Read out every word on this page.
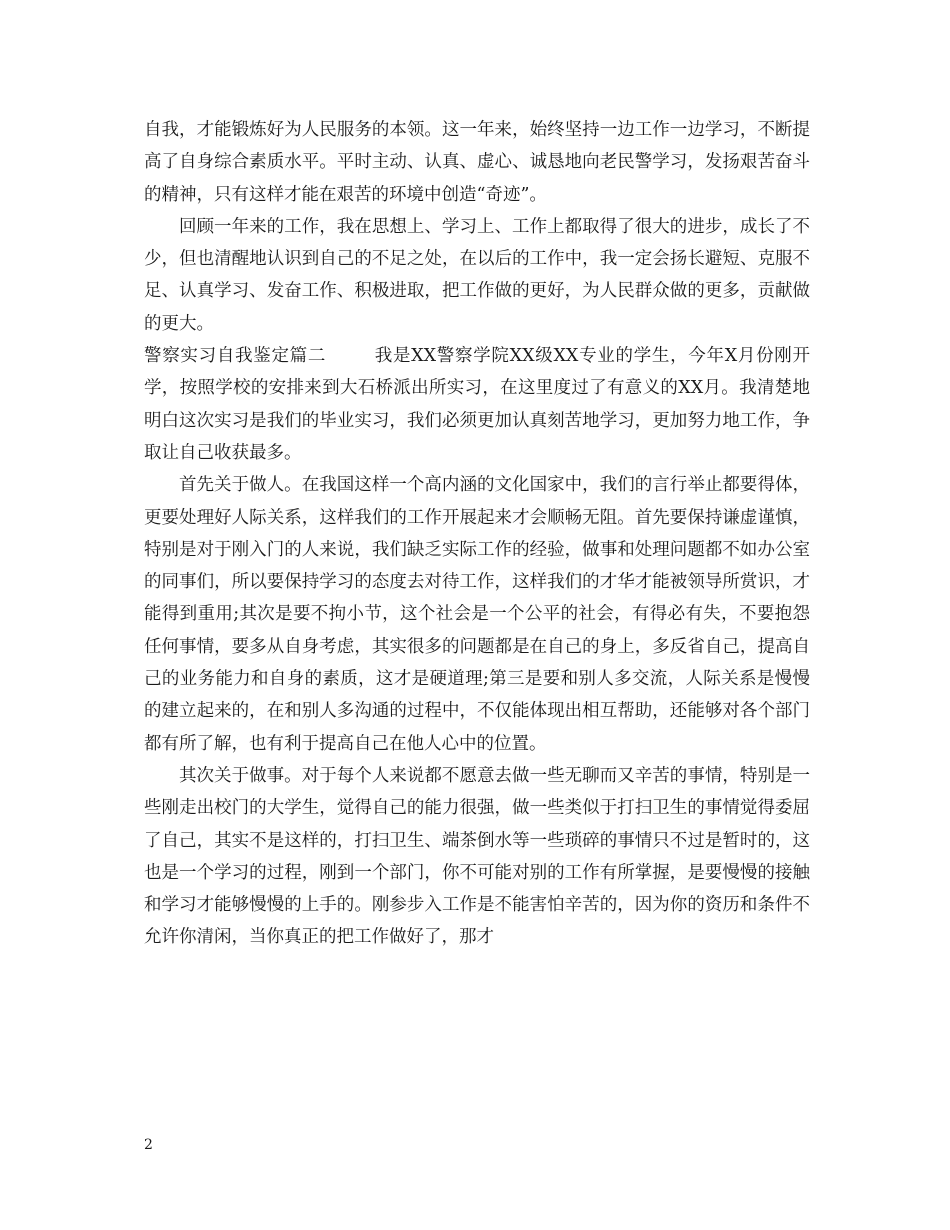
自我，才能锻炼好为人民服务的本领。这一年来，始终坚持一边工作一边学习，不断提高了自身综合素质水平。平时主动、认真、虚心、诚恳地向老民警学习，发扬艰苦奋斗的精神，只有这样才能在艰苦的环境中创造“奇迹”。

回顾一年来的工作，我在思想上、学习上、工作上都取得了很大的进步，成长了不少，但也清醒地认识到自己的不足之处，在以后的工作中，我一定会扬长避短、克服不足、认真学习、发奋工作、积极进取，把工作做的更好，为人民群众做的更多，贡献做的更大。

警察实习自我鉴定篇二	我是XX警察学院XX级XX专业的学生，今年X月份刚开学，按照学校的安排来到大石桥派出所实习，在这里度过了有意义的XX月。我清楚地明白这次实习是我们的毕业实习，我们必须更加认真刻苦地学习，更加努力地工作，争取让自己收获最多。

首先关于做人。在我国这样一个高内涵的文化国家中，我们的言行举止都要得体，更要处理好人际关系，这样我们的工作开展起来才会顺畅无阻。首先要保持谦虚谨慎，特别是对于刚入门的人来说，我们缺乏实际工作的经验，做事和处理问题都不如办公室的同事们，所以要保持学习的态度去对待工作，这样我们的才华才能被领导所赏识，才能得到重用;其次是要不拘小节，这个社会是一个公平的社会，有得必有失，不要抱怨任何事情，要多从自身考虑，其实很多的问题都是在自己的身上，多反省自己，提高自己的业务能力和自身的素质，这才是硬道理;第三是要和别人多交流，人际关系是慢慢的建立起来的，在和别人多沟通的过程中，不仅能体现出相互帮助，还能够对各个部门都有所了解，也有利于提高自己在他人心中的位置。

其次关于做事。对于每个人来说都不愿意去做一些无聊而又辛苦的事情，特别是一些刚走出校门的大学生，觉得自己的能力很强，做一些类似于打扫卫生的事情觉得委屈了自己，其实不是这样的，打扫卫生、端茶倒水等一些琐碎的事情只不过是暂时的，这也是一个学习的过程，刚到一个部门，你不可能对别的工作有所掌握，是要慢慢的接触和学习才能够慢慢的上手的。刚参步入工作是不能害怕辛苦的，因为你的资历和条件不允许你清闲，当你真正的把工作做好了，那才

2
